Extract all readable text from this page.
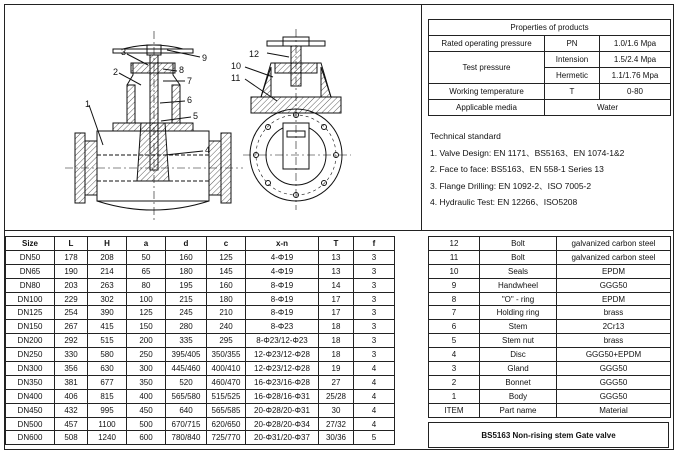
3
2
1
9
8
7
6
5
4
12
10
11
Properties of products		
Rated operating pressure	PN	1.0/1.6 Mpa
Test pressure	Intension	1.5/2.4 Mpa
	Hermetic	1.1/1.76 Mpa
Working temperature	T	0-80
Applicable media	Water	
Technical standard
1. Valve Design: EN 1171、BS5163、EN 1074-1&2
2. Face to face: BS5163、EN 558-1 Series 13
3. Flange Drilling: EN 1092-2、ISO 7005-2
4. Hydraulic Test: EN 12266、ISO5208
Size	L	H	a	d	c	x-n	T	f
DN50	178	208	50	160	125	4-Φ19	13	3
DN65	190	214	65	180	145	4-Φ19	13	3
DN80	203	263	80	195	160	8-Φ19	14	3
DN100	229	302	100	215	180	8-Φ19	17	3
DN125	254	390	125	245	210	8-Φ19	17	3
DN150	267	415	150	280	240	8-Φ23	18	3
DN200	292	515	200	335	295	8-Φ23/12-Φ23	18	3
DN250	330	580	250	395/405	350/355	12-Φ23/12-Φ28	18	3
DN300	356	630	300	445/460	400/410	12-Φ23/12-Φ28	19	4
DN350	381	677	350	520	460/470	16-Φ23/16-Φ28	27	4
DN400	406	815	400	565/580	515/525	16-Φ28/16-Φ31	25/28	4
DN450	432	995	450	640	565/585	20-Φ28/20-Φ31	30	4
DN500	457	1100	500	670/715	620/650	20-Φ28/20-Φ34	27/32	4
DN600	508	1240	600	780/840	725/770	20-Φ31/20-Φ37	30/36	5
12	Bolt	galvanized carbon steel
11	Bolt	galvanized carbon steel
10	Seals	EPDM
9	Handwheel	GGG50
8	"O" - ring	EPDM
7	Holding ring	brass
6	Stem	2Cr13
5	Stem nut	brass
4	Disc	GGG50+EPDM
3	Gland	GGG50
2	Bonnet	GGG50
1	Body	GGG50
ITEM	Part name	Material
BS5163 Non-rising stem Gate valve
